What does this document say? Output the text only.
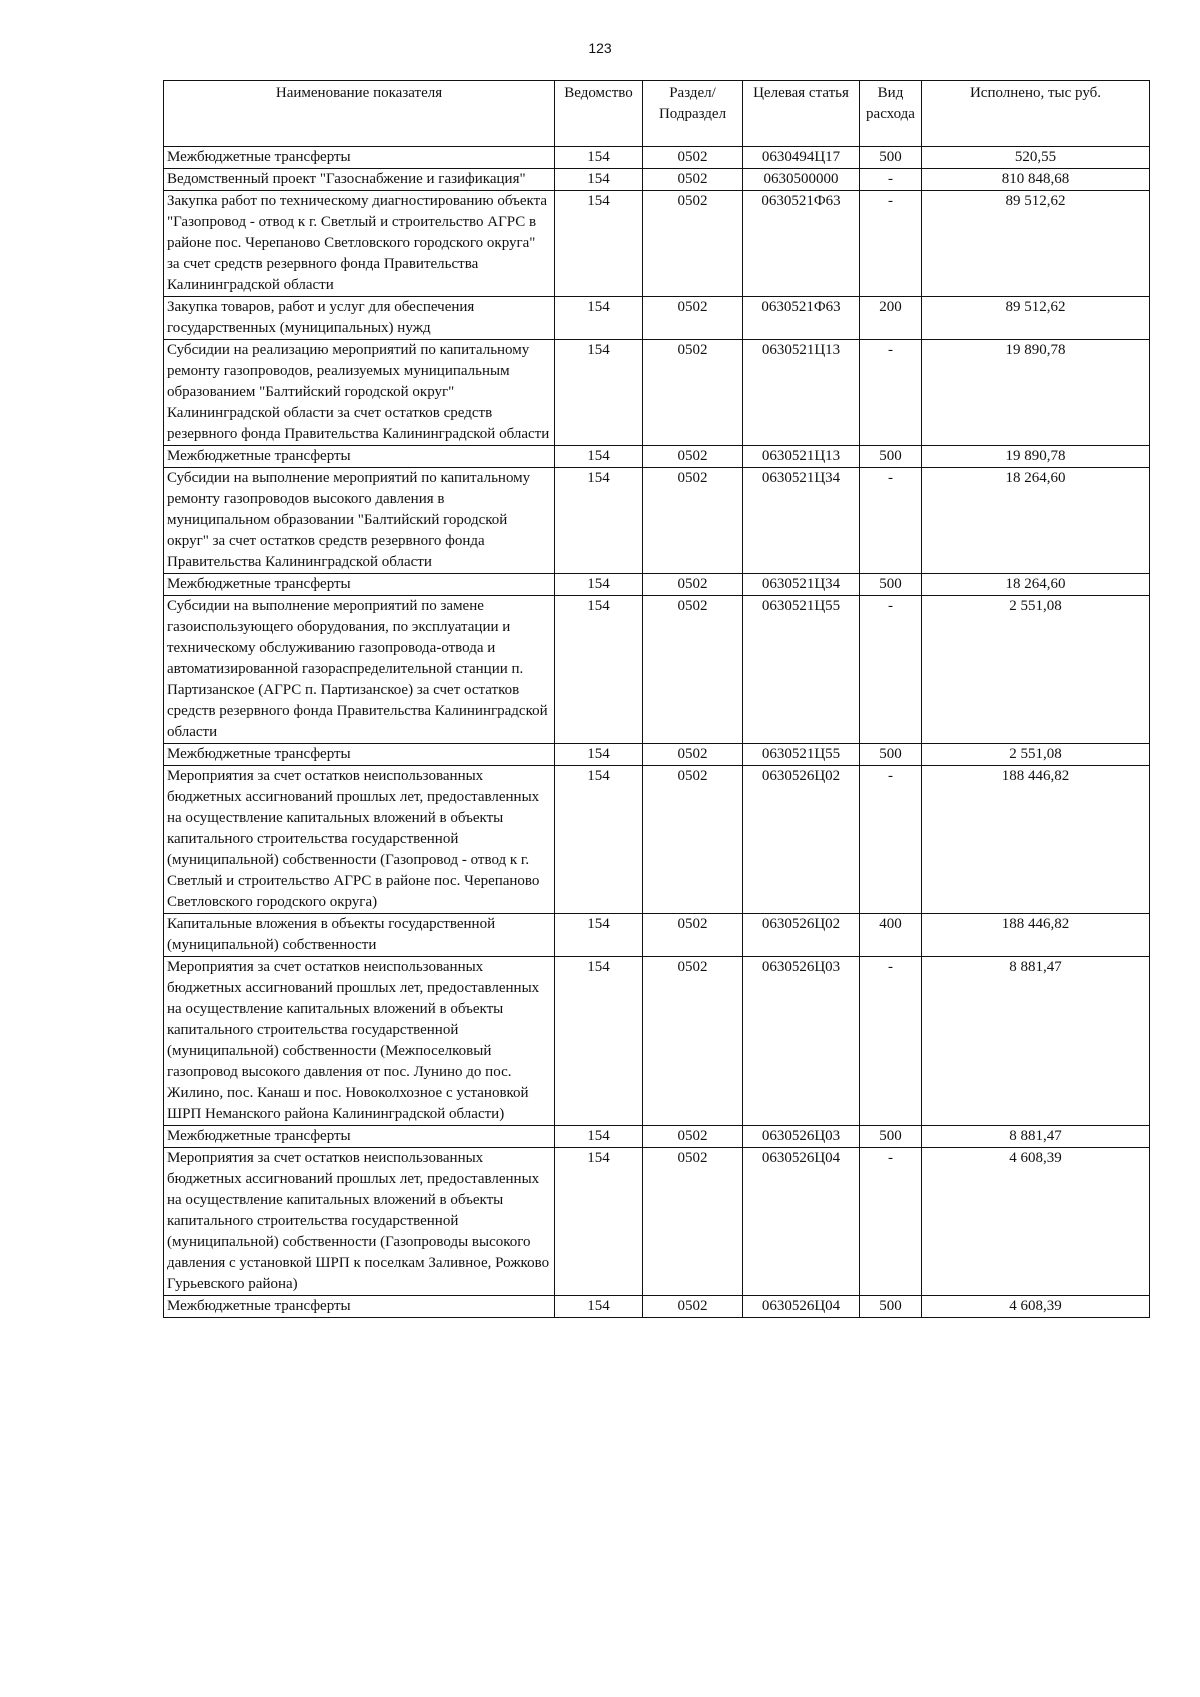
123
Наименование показателя	Ведомство	Раздел/ Подраздел	Целевая статья	Вид расхода	Исполнено, тыс руб.
Межбюджетные трансферты	154	0502	0630494Ц17	500	520,55
Ведомственный проект "Газоснабжение и газификация"	154	0502	0630500000	-	810 848,68
Закупка работ по техническому диагностированию объекта "Газопровод - отвод к г. Светлый и строительство АГРС в районе пос. Черепаново Светловского городского округа" за счет средств резервного фонда Правительства Калининградской области	154	0502	0630521Ф63	-	89 512,62
Закупка товаров, работ и услуг для обеспечения государственных (муниципальных) нужд	154	0502	0630521Ф63	200	89 512,62
Субсидии на реализацию мероприятий по капитальному ремонту газопроводов, реализуемых муниципальным образованием "Балтийский городской округ" Калининградской области за счет остатков средств резервного фонда Правительства Калининградской области	154	0502	0630521Ц13	-	19 890,78
Межбюджетные трансферты	154	0502	0630521Ц13	500	19 890,78
Субсидии на выполнение мероприятий по капитальному ремонту газопроводов высокого давления в муниципальном образовании "Балтийский городской округ" за счет остатков средств резервного фонда Правительства Калининградской области	154	0502	0630521Ц34	-	18 264,60
Межбюджетные трансферты	154	0502	0630521Ц34	500	18 264,60
Субсидии на выполнение мероприятий по замене газоиспользующего оборудования, по эксплуатации и техническому обслуживанию газопровода-отвода и автоматизированной газораспределительной станции п. Партизанское (АГРС п. Партизанское) за счет остатков средств резервного фонда Правительства Калининградской области	154	0502	0630521Ц55	-	2 551,08
Межбюджетные трансферты	154	0502	0630521Ц55	500	2 551,08
Мероприятия за счет остатков неиспользованных бюджетных ассигнований прошлых лет, предоставленных на осуществление капитальных вложений в объекты капитального строительства государственной (муниципальной) собственности (Газопровод - отвод к г. Светлый и строительство АГРС в районе пос. Черепаново Светловского городского округа)	154	0502	0630526Ц02	-	188 446,82
Капитальные вложения в объекты государственной (муниципальной) собственности	154	0502	0630526Ц02	400	188 446,82
Мероприятия за счет остатков неиспользованных бюджетных ассигнований прошлых лет, предоставленных на осуществление капитальных вложений в объекты капитального строительства государственной (муниципальной) собственности (Межпоселковый газопровод высокого давления от пос. Лунино до пос. Жилино, пос. Канаш и пос. Новоколхозное с установкой ШРП Неманского района Калининградской области)	154	0502	0630526Ц03	-	8 881,47
Межбюджетные трансферты	154	0502	0630526Ц03	500	8 881,47
Мероприятия за счет остатков неиспользованных бюджетных ассигнований прошлых лет, предоставленных на осуществление капитальных вложений в объекты капитального строительства государственной (муниципальной) собственности (Газопроводы высокого давления с установкой ШРП к поселкам Заливное, Рожково Гурьевского района)	154	0502	0630526Ц04	-	4 608,39
Межбюджетные трансферты	154	0502	0630526Ц04	500	4 608,39
